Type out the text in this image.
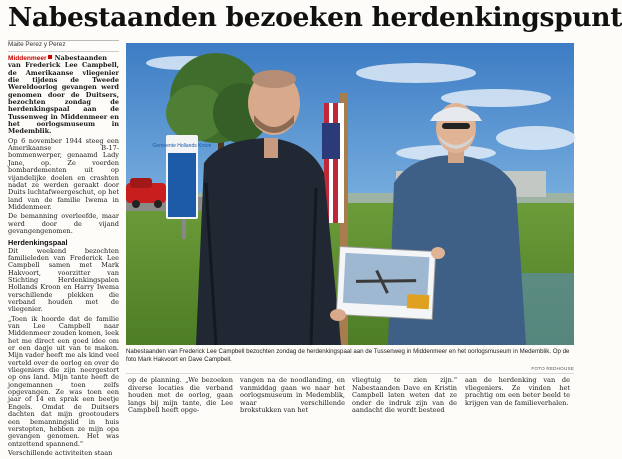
Nabestaanden bezoeken herdenkingspunt
Maite Perez y Perez

Middenmeer Nabestaanden van Frederick Lee Campbell, de Amerikaanse vliegenier die tijdens de Tweede Wereldoorlog gevangen werd genomen door de Duitsers, bezochten zondag de herdenkingspaal aan de Tussenweg in Middenmeer en het oorlogsmuseum in Medemblik.

Op 6 november 1944 steeg een Amerikaanse B-17-bommenwerper, genaamd Lady Jane, op. Ze voerden bombardementen uit op vijandelijke doelen en crashten nadat ze werden geraakt door Duits luchtafweergeschut, op het land van de familie Iwema in Middenmeer.

De bemanning overleefde, maar werd door de vijand gevangengenomen.

Herdenkingspaal

Dit weekend bezochten familieleden van Frederick Lee Campbell samen met Mark Hakvoort, voorzitter van Stichting Herdenkingspalen Hollands Kroon en Harry Iwema verschillende plekken die verband houden met de vliegenier.

„Toen ik hoorde dat de familie van Lee Campbell naar Middenmeer zouden komen, leek het me direct een goed idee om er een dagje uit van te maken. Mijn vader heeft me als kind veel verteld over de oorlog en over de vliegeniers die zijn neergestort op ons land. Mijn tante heeft de jongemannen toen zelfs opgevangen. Ze was toen een jaar of 14 en sprak een beetje Engels. Omdat de Duitsers dachten dat mijn grootouders een bemanningslid in huis verstopten, hebben ze mijn opa gevangen genomen. Het was ontzettend spannend."

Verschillende activiteiten staan

Gemeente Hollands Kroon
Nabestaanden van Frederick Lee Campbell bezochten zondag de herdenkingspaal aan de Tussenweg in Middenmeer en het oorlogsmuseum in Medemblik. Op de foto Mark Hakvoort en Dave Campbell.
FOTO REDHOUSE
op de planning. „We bezoeken diverse locaties die verband houden met de oorlog, gaan langs bij mijn tante, die Lee Campbell heeft opge-
vangen na de noodlanding, en vanmiddag gaan we naar het oorlogsmuseum in Medemblik, waar verschillende brokstukken van het
vliegtuig te zien zijn." Nabestaanden Dave en Kristin Campbell laten weten dat ze onder de indruk zijn van de aandacht die wordt besteed
aan de herdenking van de vliegeniers. Ze vinden het prachtig om een beter beeld te krijgen van de familieverhalen.
